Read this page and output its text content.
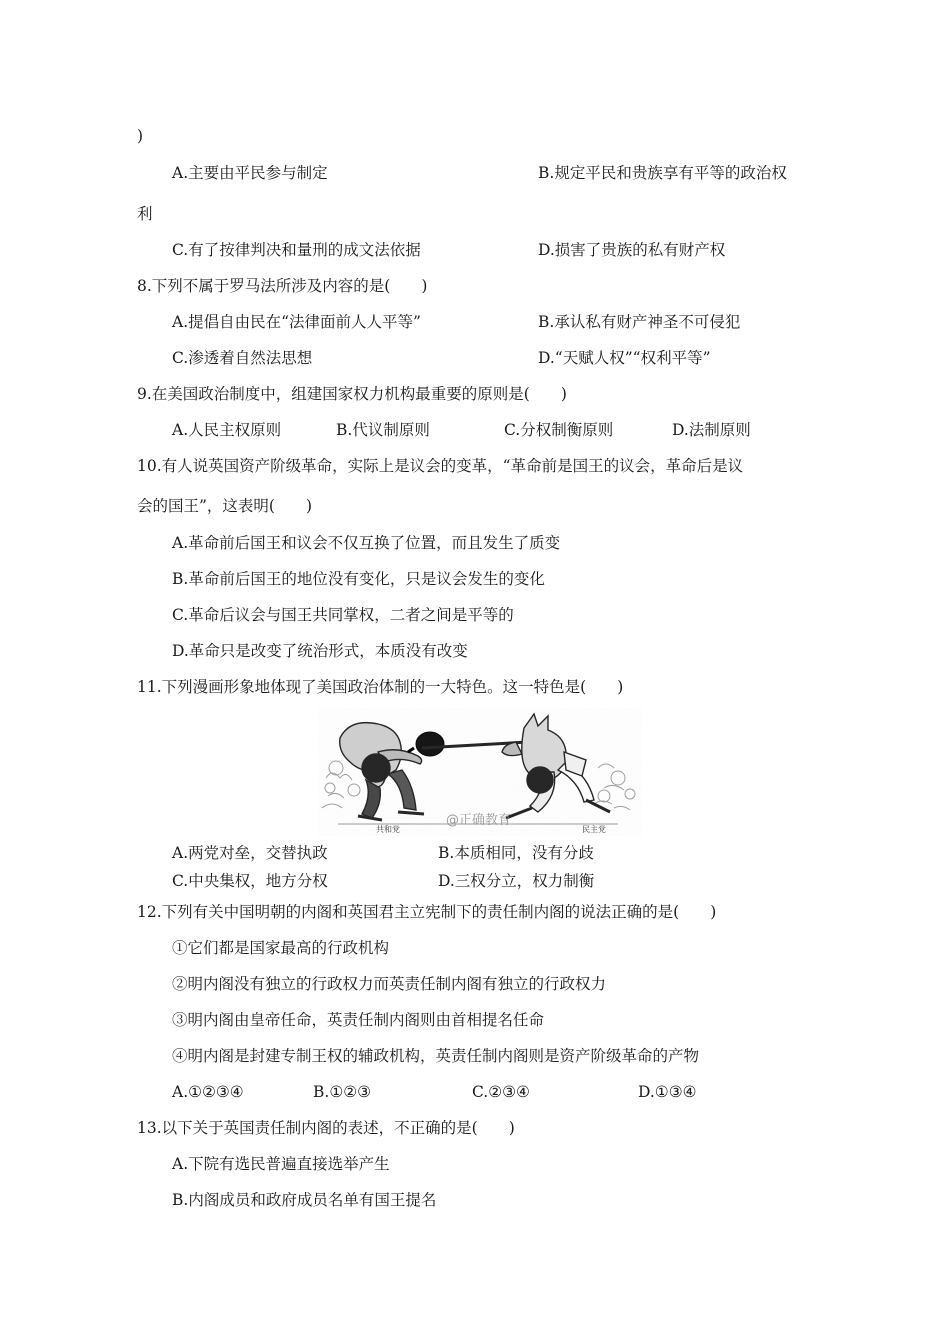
)
A.主要由平民参与制定	B.规定平民和贵族享有平等的政治权
利
C.有了按律判决和量刑的成文法依据	D.损害了贵族的私有财产权
8.下列不属于罗马法所涉及内容的是(　　)
A.提倡自由民在“法律面前人人平等”	B.承认私有财产神圣不可侵犯
C.渗透着自然法思想	D.“天赋人权”“权利平等”
9.在美国政治制度中，组建国家权力机构最重要的原则是(　　)
A.人民主权原则	B.代议制原则	C.分权制衡原则	D.法制原则
10.有人说英国资产阶级革命，实际上是议会的变革，“革命前是国王的议会，革命后是议
会的国王”，这表明(　　)
A.革命前后国王和议会不仅互换了位置，而且发生了质变
B.革命前后国王的地位没有变化，只是议会发生的变化
C.革命后议会与国王共同掌权，二者之间是平等的
D.革命只是改变了统治形式，本质没有改变
11.下列漫画形象地体现了美国政治体制的一大特色。这一特色是(　　)
共和党	民主党
@正确教育
A.两党对垒，交替执政	B.本质相同，没有分歧
C.中央集权，地方分权	D.三权分立，权力制衡
12.下列有关中国明朝的内阁和英国君主立宪制下的责任制内阁的说法正确的是(　　)
①它们都是国家最高的行政机构
②明内阁没有独立的行政权力而英责任制内阁有独立的行政权力
③明内阁由皇帝任命，英责任制内阁则由首相提名任命
④明内阁是封建专制王权的辅政机构，英责任制内阁则是资产阶级革命的产物
A.①②③④	B.①②③	C.②③④	D.①③④
13.以下关于英国责任制内阁的表述，不正确的是(　　)
A.下院有选民普遍直接选举产生
B.内阁成员和政府成员名单有国王提名
